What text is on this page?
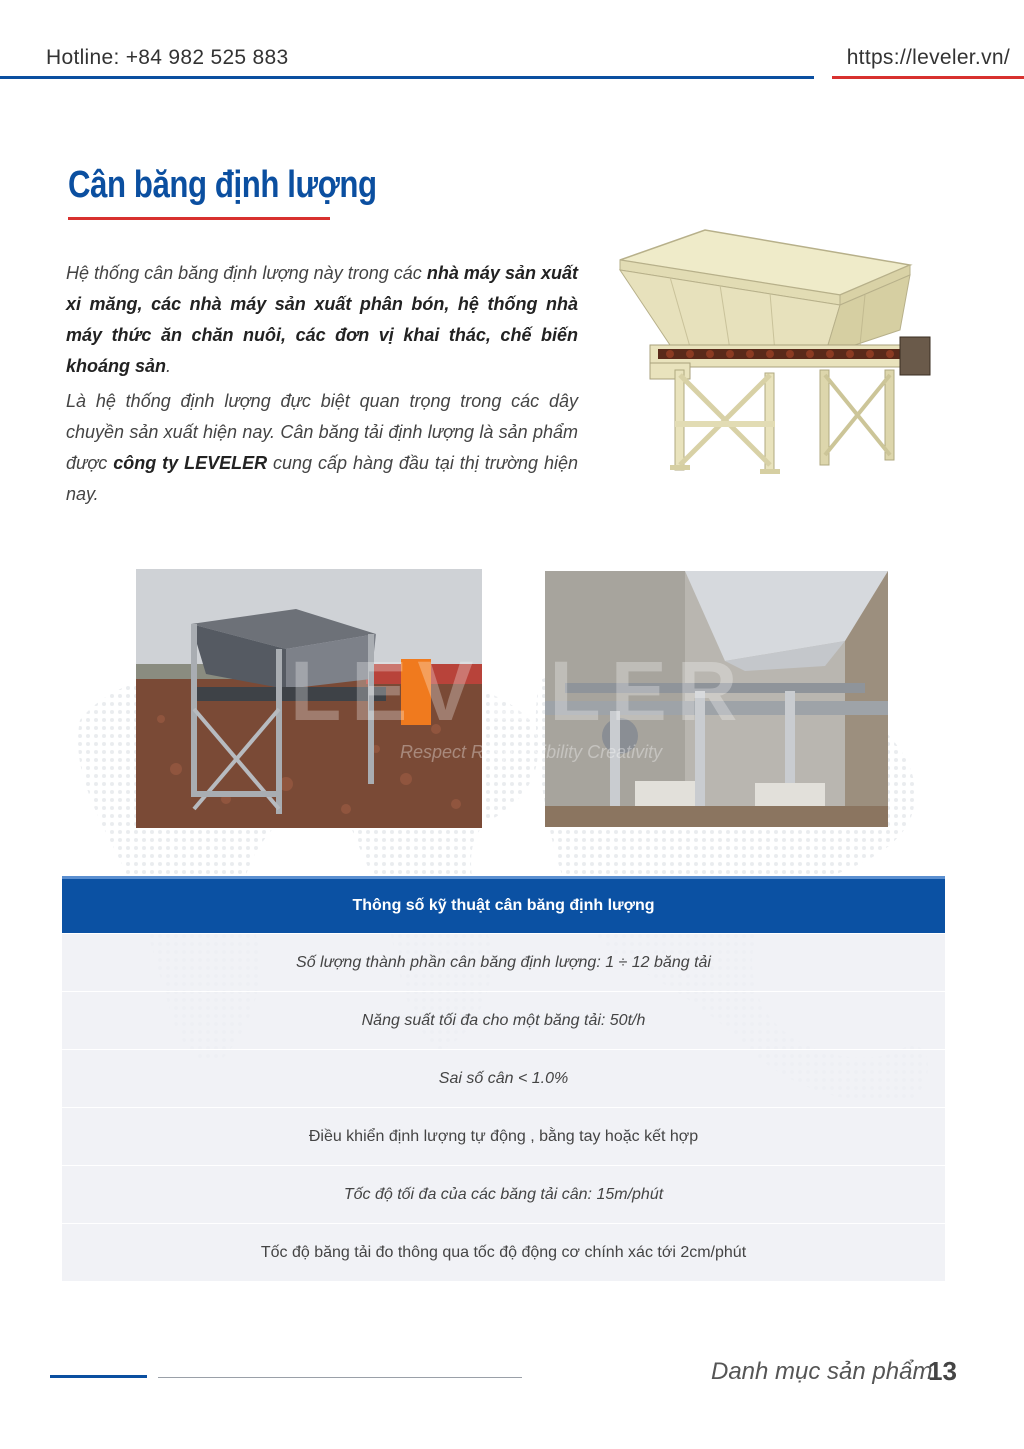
Hotline: +84 982 525 883	https://leveler.vn/
Cân băng định lượng
Hệ thống cân băng định lượng này trong các nhà máy sản xuất xi măng, các nhà máy sản xuất phân bón, hệ thống nhà máy thức ăn chăn nuôi, các đơn vị khai thác, chế biến khoáng sản.
Là hệ thống định lượng đực biệt quan trọng trong các dây chuyền sản xuất hiện nay. Cân băng tải định lượng là sản phẩm được công ty LEVELER cung cấp hàng đầu tại thị trường hiện nay.
LEVELER
Respect Responsibility Creativity
Thông số kỹ thuật cân băng định lượng
Số lượng thành phần cân băng định lượng: 1 ÷ 12 băng tải
Năng suất tối đa cho một băng tải: 50t/h
Sai số cân < 1.0%
Điều khiển định lượng tự động , bằng tay hoặc kết hợp
Tốc độ tối đa của các băng tải cân: 15m/phút
Tốc độ băng tải đo thông qua tốc độ động cơ chính xác tới 2cm/phút
Danh mục sản phẩm
13
